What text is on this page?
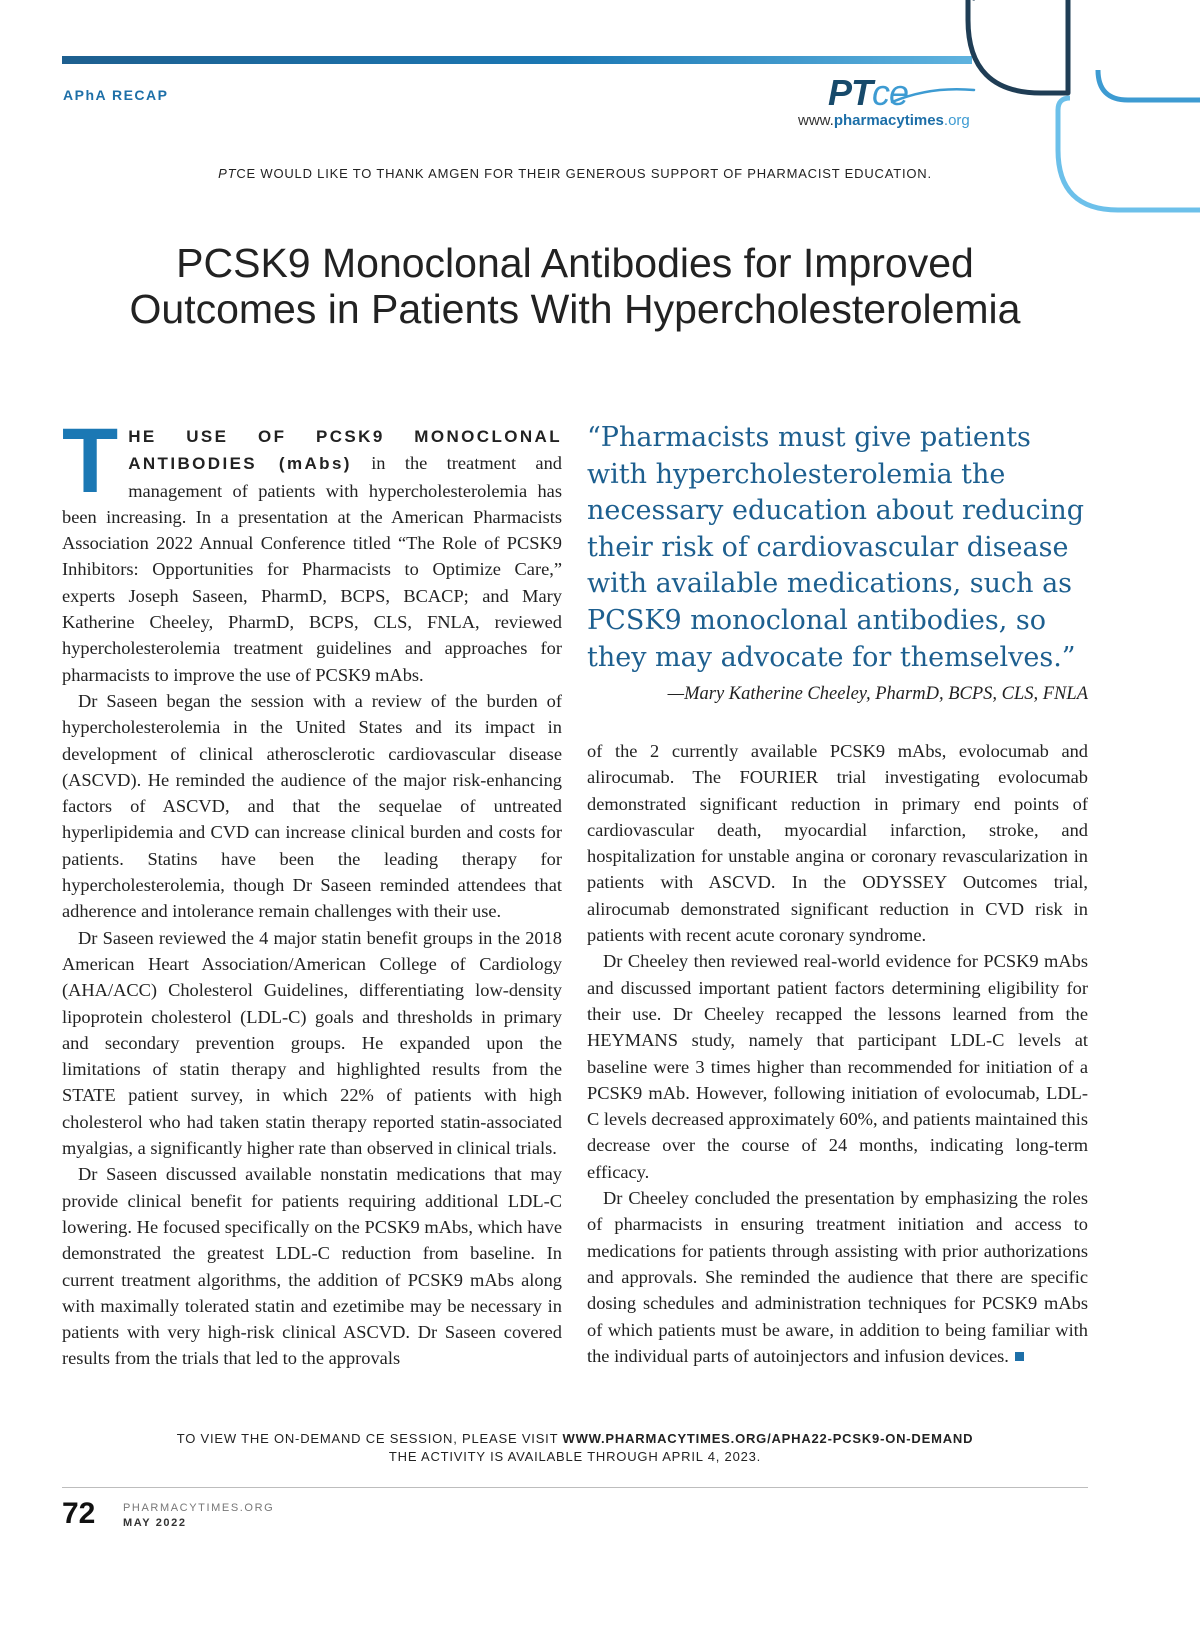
APhA RECAP	PTce
www.pharmacytimes.org
PTCE WOULD LIKE TO THANK AMGEN FOR THEIR GENEROUS SUPPORT OF PHARMACIST EDUCATION.
PCSK9 Monoclonal Antibodies for Improved
Outcomes in Patients With Hypercholesterolemia

THE USE OF PCSK9 MONOCLONAL ANTIBODIES (mAbs) in the treatment and management of patients with hypercholesterolemia has been increasing. In a presentation at the American Pharmacists Association 2022 Annual Conference titled “The Role of PCSK9 Inhibitors: Opportunities for Pharmacists to Optimize Care,” experts Joseph Saseen, PharmD, BCPS, BCACP; and Mary Katherine Cheeley, PharmD, BCPS, CLS, FNLA, reviewed hypercholesterolemia treatment guidelines and approaches for pharmacists to improve the use of PCSK9 mAbs.

Dr Saseen began the session with a review of the burden of hypercholesterolemia in the United States and its impact in development of clinical atherosclerotic cardiovascular disease (ASCVD). He reminded the audience of the major risk-enhancing factors of ASCVD, and that the sequelae of untreated hyperlipidemia and CVD can increase clinical burden and costs for patients. Statins have been the leading therapy for hypercholesterolemia, though Dr Saseen reminded attendees that adherence and intolerance remain challenges with their use.

Dr Saseen reviewed the 4 major statin benefit groups in the 2018 American Heart Association/American College of Cardiology (AHA/ACC) Cholesterol Guidelines, differentiating low-density lipoprotein cholesterol (LDL-C) goals and thresholds in primary and secondary prevention groups. He expanded upon the limitations of statin therapy and highlighted results from the STATE patient survey, in which 22% of patients with high cholesterol who had taken statin therapy reported statin-associated myalgias, a significantly higher rate than observed in clinical trials.

Dr Saseen discussed available nonstatin medications that may provide clinical benefit for patients requiring additional LDL-C lowering. He focused specifically on the PCSK9 mAbs, which have demonstrated the greatest LDL-C reduction from baseline. In current treatment algorithms, the addition of PCSK9 mAbs along with maximally tolerated statin and ezetimibe may be necessary in patients with very high-risk clinical ASCVD. Dr Saseen covered results from the trials that led to the approvals

“Pharmacists must give patients with hypercholesterolemia the necessary education about reducing their risk of cardiovascular disease with available medications, such as PCSK9 monoclonal antibodies, so they may advocate for themselves.”

—Mary Katherine Cheeley, PharmD, BCPS, CLS, FNLA

of the 2 currently available PCSK9 mAbs, evolocumab and alirocumab. The FOURIER trial investigating evolocumab demonstrated significant reduction in primary end points of cardiovascular death, myocardial infarction, stroke, and hospitalization for unstable angina or coronary revascularization in patients with ASCVD. In the ODYSSEY Outcomes trial, alirocumab demonstrated significant reduction in CVD risk in patients with recent acute coronary syndrome.

Dr Cheeley then reviewed real-world evidence for PCSK9 mAbs and discussed important patient factors determining eligibility for their use. Dr Cheeley recapped the lessons learned from the HEYMANS study, namely that participant LDL-C levels at baseline were 3 times higher than recommended for initiation of a PCSK9 mAb. However, following initiation of evolocumab, LDL-C levels decreased approximately 60%, and patients maintained this decrease over the course of 24 months, indicating long-term efficacy.

Dr Cheeley concluded the presentation by emphasizing the roles of pharmacists in ensuring treatment initiation and access to medications for patients through assisting with prior authorizations and approvals. She reminded the audience that there are specific dosing schedules and administration techniques for PCSK9 mAbs of which patients must be aware, in addition to being familiar with the individual parts of autoinjectors and infusion devices.

TO VIEW THE ON-DEMAND CE SESSION, PLEASE VISIT WWW.PHARMACYTIMES.ORG/APHA22-PCSK9-ON-DEMAND
THE ACTIVITY IS AVAILABLE THROUGH APRIL 4, 2023.
72	PHARMACYTIMES.ORG
MAY 2022
